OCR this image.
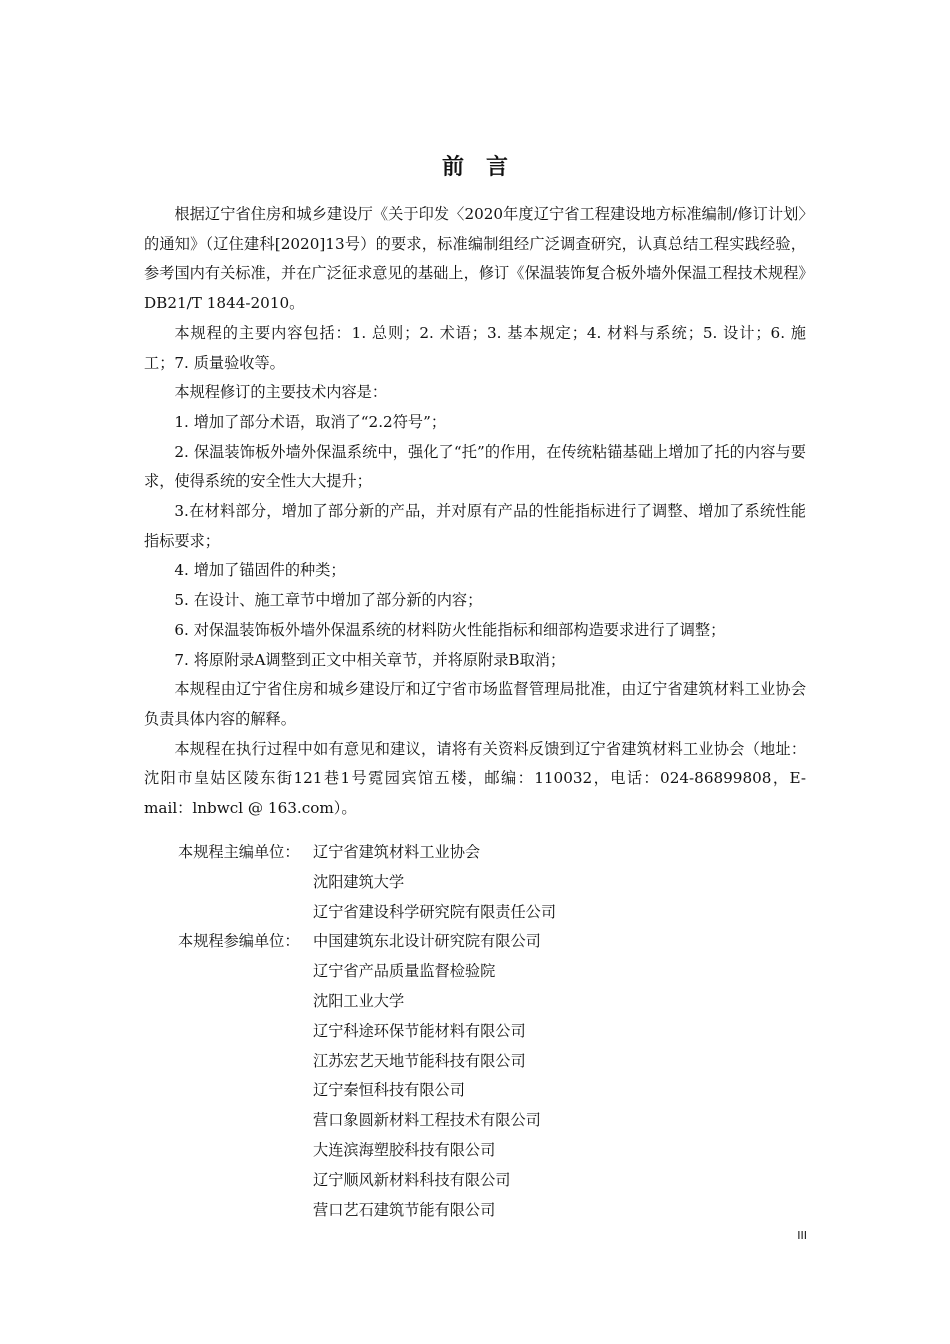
前　言

根据辽宁省住房和城乡建设厅《关于印发〈2020年度辽宁省工程建设地方标准编制/修订计划〉的通知》（辽住建科[2020]13号）的要求，标准编制组经广泛调查研究，认真总结工程实践经验，参考国内有关标准，并在广泛征求意见的基础上，修订《保温装饰复合板外墙外保温工程技术规程》DB21/T 1844-2010。

本规程的主要内容包括：1. 总则；2. 术语；3. 基本规定；4. 材料与系统；5. 设计；6. 施工；7. 质量验收等。

本规程修订的主要技术内容是：

1. 增加了部分术语，取消了“2.2符号”；

2. 保温装饰板外墙外保温系统中，强化了“托”的作用，在传统粘锚基础上增加了托的内容与要求，使得系统的安全性大大提升；

3.在材料部分，增加了部分新的产品，并对原有产品的性能指标进行了调整、增加了系统性能指标要求；

4. 增加了锚固件的种类；

5. 在设计、施工章节中增加了部分新的内容；

6. 对保温装饰板外墙外保温系统的材料防火性能指标和细部构造要求进行了调整；

7. 将原附录A调整到正文中相关章节，并将原附录B取消；

本规程由辽宁省住房和城乡建设厅和辽宁省市场监督管理局批准，由辽宁省建筑材料工业协会负责具体内容的解释。

本规程在执行过程中如有意见和建议，请将有关资料反馈到辽宁省建筑材料工业协会（地址：沈阳市皇姑区陵东街121巷1号霓园宾馆五楼，邮编：110032，电话：024-86899808，E-mail：lnbwcl @ 163.com）。

本规程主编单位： 辽宁省建筑材料工业协会
沈阳建筑大学
辽宁省建设科学研究院有限责任公司
本规程参编单位： 中国建筑东北设计研究院有限公司
辽宁省产品质量监督检验院
沈阳工业大学
辽宁科途环保节能材料有限公司
江苏宏艺天地节能科技有限公司
辽宁秦恒科技有限公司
营口象圆新材料工程技术有限公司
大连滨海塑胶科技有限公司
辽宁顺风新材料科技有限公司
营口艺石建筑节能有限公司
III
